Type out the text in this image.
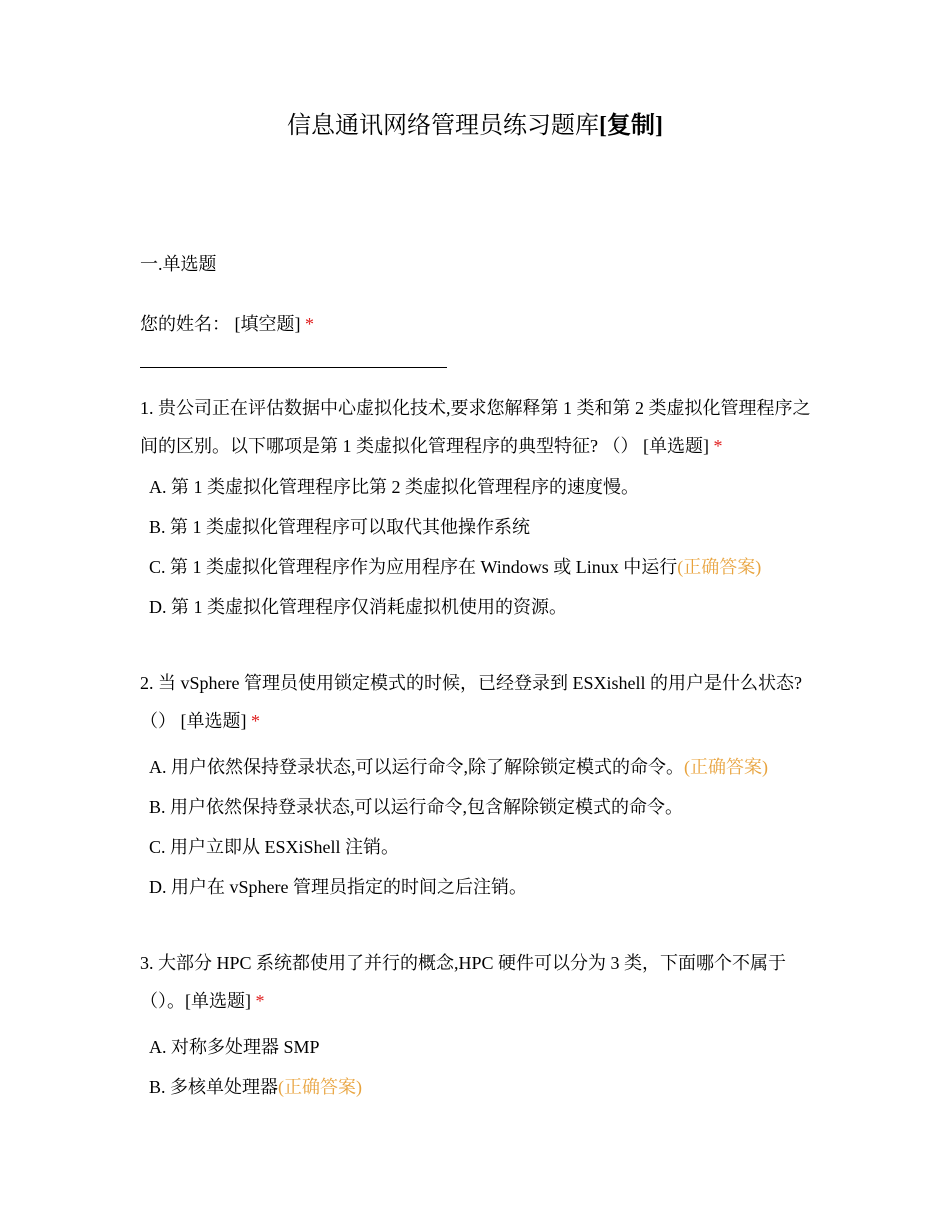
信息通讯网络管理员练习题库[复制]
一.单选题
您的姓名： [填空题] *
1. 贵公司正在评估数据中心虚拟化技术,要求您解释第 1 类和第 2 类虚拟化管理程序之间的区别。以下哪项是第 1 类虚拟化管理程序的典型特征? （） [单选题] *
A. 第 1 类虚拟化管理程序比第 2 类虚拟化管理程序的速度慢。
B. 第 1 类虚拟化管理程序可以取代其他操作系统
C. 第 1 类虚拟化管理程序作为应用程序在 Windows 或 Linux 中运行(正确答案)
D. 第 1 类虚拟化管理程序仅消耗虚拟机使用的资源。
2. 当 vSphere 管理员使用锁定模式的时候，已经登录到 ESXishell 的用户是什么状态?（） [单选题] *
A. 用户依然保持登录状态,可以运行命令,除了解除锁定模式的命令。(正确答案)
B. 用户依然保持登录状态,可以运行命令,包含解除锁定模式的命令。
C. 用户立即从 ESXiShell 注销。
D. 用户在 vSphere 管理员指定的时间之后注销。
3. 大部分 HPC 系统都使用了并行的概念,HPC 硬件可以分为 3 类，下面哪个不属于（）。[单选题] *
A. 对称多处理器 SMP
B. 多核单处理器(正确答案)
